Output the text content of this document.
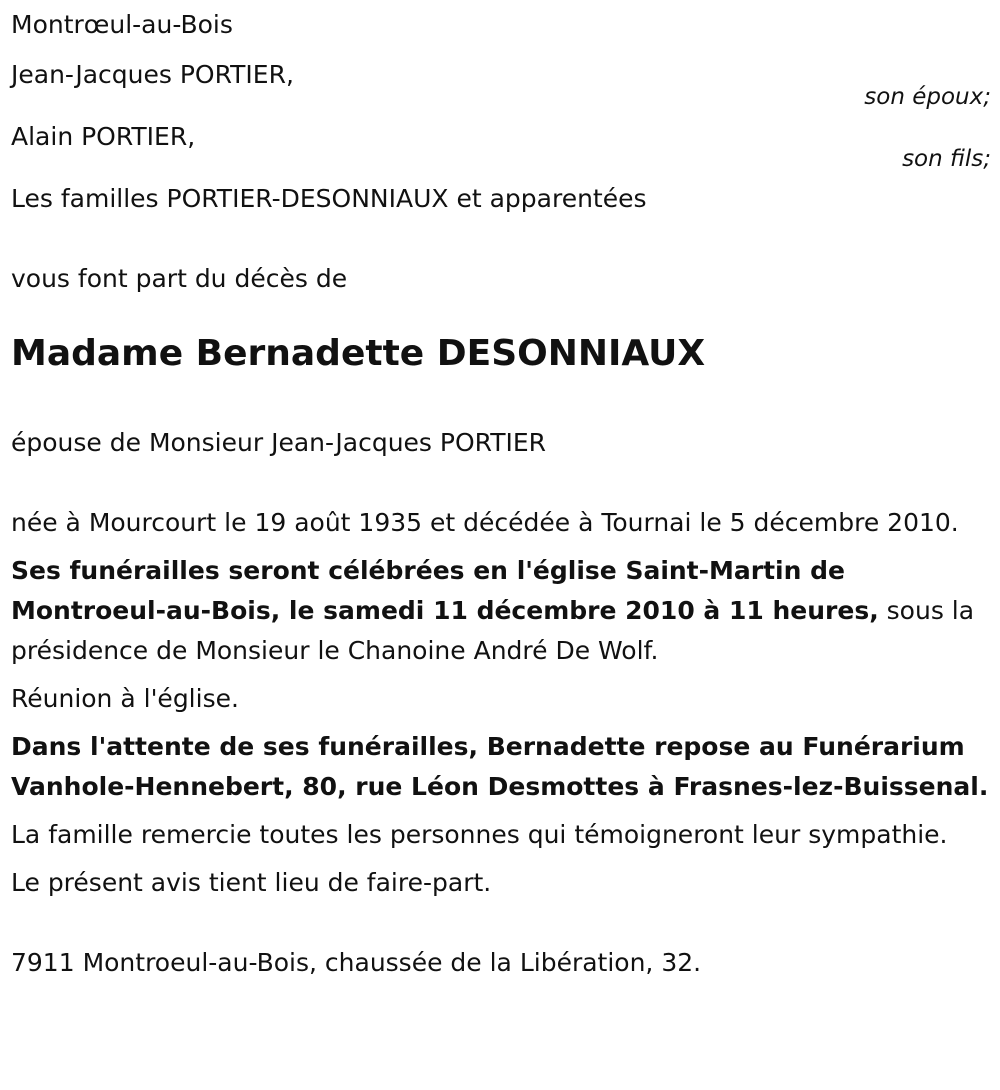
Montrœul-au-Bois

Jean-Jacques PORTIER,
son époux;
Alain PORTIER,
son fils;

Les familles PORTIER-DESONNIAUX et apparentées

vous font part du décès de

Madame Bernadette DESONNIAUX

épouse de Monsieur Jean-Jacques PORTIER

née à Mourcourt le 19 août 1935 et décédée à Tournai le 5 décembre 2010.

Ses funérailles seront célébrées en l'église Saint-Martin de Montroeul-au-Bois, le samedi 11 décembre 2010 à 11 heures, sous la présidence de Monsieur le Chanoine André De Wolf.

Réunion à l'église.

Dans l'attente de ses funérailles, Bernadette repose au Funérarium Vanhole-Hennebert, 80, rue Léon Desmottes à Frasnes-lez-Buissenal.

La famille remercie toutes les personnes qui témoigneront leur sympathie.

Le présent avis tient lieu de faire-part.

7911 Montroeul-au-Bois, chaussée de la Libération, 32.
